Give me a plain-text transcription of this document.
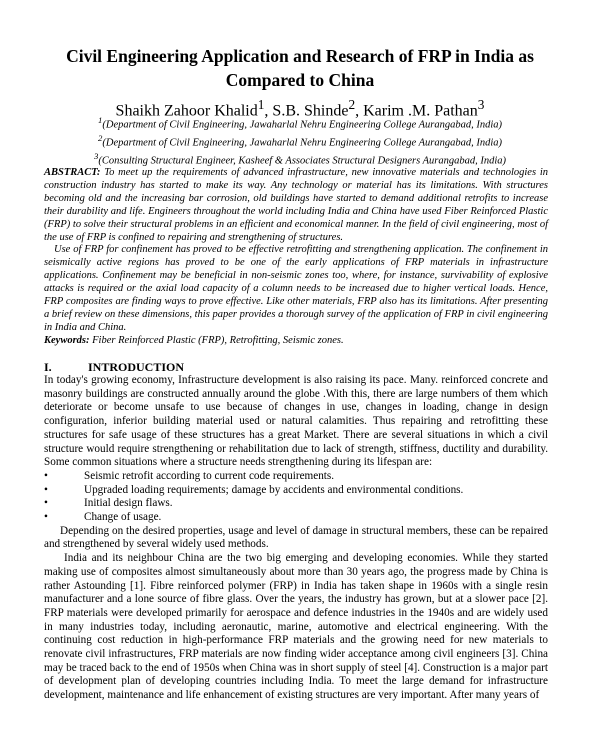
Civil Engineering Application and Research of FRP in India as Compared to China
Shaikh Zahoor Khalid$^1$, S.B. Shinde$^2$, Karim .M. Pathan$^3$
$^1$(Department of Civil Engineering, Jawaharlal Nehru Engineering College Aurangabad, India)
$^2$(Department of Civil Engineering, Jawaharlal Nehru Engineering College Aurangabad, India)
$^3$(Consulting Structural Engineer, Kasheef & Associates Structural Designers Aurangabad, India)

ABSTRACT: To meet up the requirements of advanced infrastructure, new innovative materials and technologies in construction industry has started to make its way. Any technology or material has its limitations. With structures becoming old and the increasing bar corrosion, old buildings have started to demand additional retrofits to increase their durability and life. Engineers throughout the world including India and China have used Fiber Reinforced Plastic (FRP) to solve their structural problems in an efficient and economical manner. In the field of civil engineering, most of the use of FRP is confined to repairing and strengthening of structures.

Use of FRP for confinement has proved to be effective retrofitting and strengthening application. The confinement in seismically active regions has proved to be one of the early applications of FRP materials in infrastructure applications. Confinement may be beneficial in non-seismic zones too, where, for instance, survivability of explosive attacks is required or the axial load capacity of a column needs to be increased due to higher vertical loads. Hence, FRP composites are finding ways to prove effective. Like other materials, FRP also has its limitations. After presenting a brief review on these dimensions, this paper provides a thorough survey of the application of FRP in civil engineering in India and China.

Keywords: Fiber Reinforced Plastic (FRP), Retrofitting, Seismic zones.
I.	INTRODUCTION

In today's growing economy, Infrastructure development is also raising its pace. Many. reinforced concrete and masonry buildings are constructed annually around the globe .With this, there are large numbers of them which deteriorate or become unsafe to use because of changes in use, changes in loading, change in design configuration, inferior building material used or natural calamities. Thus repairing and retrofitting these structures for safe usage of these structures has a great Market. There are several situations in which a civil structure would require strengthening or rehabilitation due to lack of strength, stiffness, ductility and durability. Some common situations where a structure needs strengthening during its lifespan are:

•	Seismic retrofit according to current code requirements.
•	Upgraded loading requirements; damage by accidents and environmental conditions.
•	Initial design flaws.
•	Change of usage.

Depending on the desired properties, usage and level of damage in structural members, these can be repaired and strengthened by several widely used methods.

India and its neighbour China are the two big emerging and developing economies. While they started making use of composites almost simultaneously about more than 30 years ago, the progress made by China is rather Astounding [1]. Fibre reinforced polymer (FRP) in India has taken shape in 1960s with a single resin manufacturer and a lone source of fibre glass. Over the years, the industry has grown, but at a slower pace [2]. FRP materials were developed primarily for aerospace and defence industries in the 1940s and are widely used in many industries today, including aeronautic, marine, automotive and electrical engineering. With the continuing cost reduction in high-performance FRP materials and the growing need for new materials to renovate civil infrastructures, FRP materials are now finding wider acceptance among civil engineers [3]. China may be traced back to the end of 1950s when China was in short supply of steel [4]. Construction is a major part of development plan of developing countries including India. To meet the large demand for infrastructure development, maintenance and life enhancement of existing structures are very important. After many years of
